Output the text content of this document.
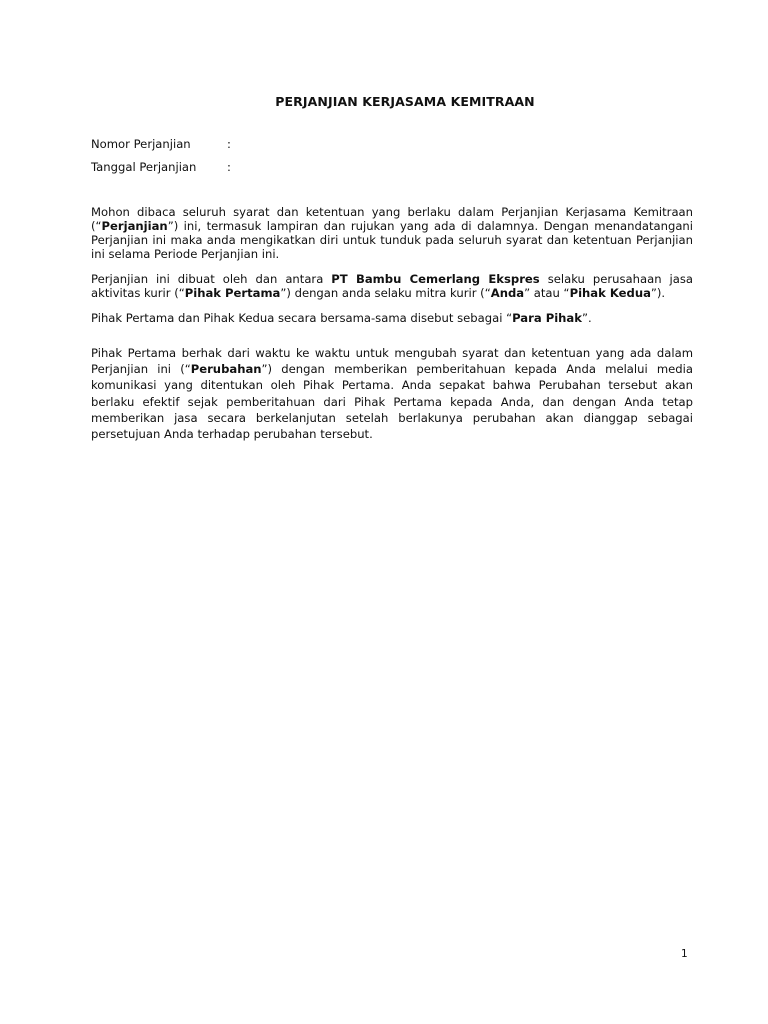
PERJANJIAN KERJASAMA KEMITRAAN
Nomor Perjanjian	:
Tanggal Perjanjian	:

Mohon dibaca seluruh syarat dan ketentuan yang berlaku dalam Perjanjian Kerjasama Kemitraan (“Perjanjian”) ini, termasuk lampiran dan rujukan yang ada di dalamnya. Dengan menandatangani Perjanjian ini maka anda mengikatkan diri untuk tunduk pada seluruh syarat dan ketentuan Perjanjian ini selama Periode Perjanjian ini.

Perjanjian ini dibuat oleh dan antara PT Bambu Cemerlang Ekspres selaku perusahaan jasa aktivitas kurir (“Pihak Pertama”) dengan anda selaku mitra kurir (“Anda” atau “Pihak Kedua”).

Pihak Pertama dan Pihak Kedua secara bersama-sama disebut sebagai “Para Pihak”.

Pihak Pertama berhak dari waktu ke waktu untuk mengubah syarat dan ketentuan yang ada dalam Perjanjian ini (“Perubahan”) dengan memberikan pemberitahuan kepada Anda melalui media komunikasi yang ditentukan oleh Pihak Pertama. Anda sepakat bahwa Perubahan tersebut akan berlaku efektif sejak pemberitahuan dari Pihak Pertama kepada Anda, dan dengan Anda tetap memberikan jasa secara berkelanjutan setelah berlakunya perubahan akan dianggap sebagai persetujuan Anda terhadap perubahan tersebut.

1
